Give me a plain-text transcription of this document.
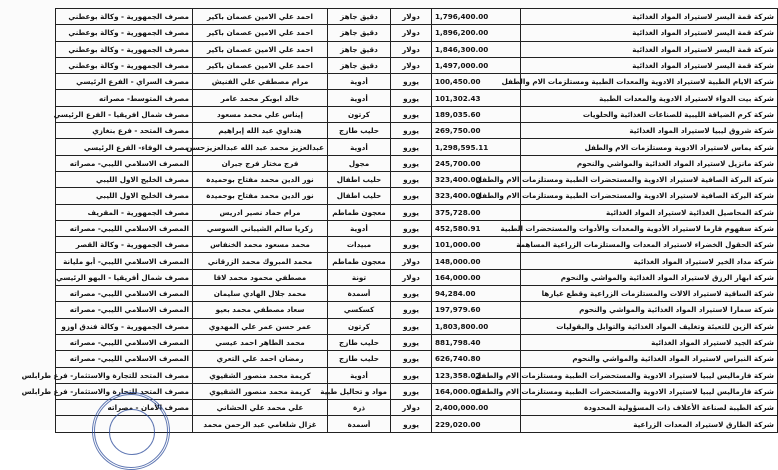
شركة قمة اليسر لاستيراد المواد الغذائية	1,796,400.00	دولار	دقيق جاهز	احمد علي الامين عصمان باكير	مصرف الجمهورية - وكالة بوعطني
شركة قمة اليسر لاستيراد المواد الغذائية	1,896,200.00	دولار	دقيق جاهز	احمد علي الامين عصمان باكير	مصرف الجمهورية - وكالة بوعطني
شركة قمة اليسر لاستيراد المواد الغذائية	1,846,300.00	دولار	دقيق جاهز	احمد علي الامين عصمان باكير	مصرف الجمهورية - وكالة بوعطني
شركة قمة اليسر لاستيراد المواد الغذائية	1,497,000.00	دولار	دقيق جاهز	احمد علي الامين عصمان باكير	مصرف الجمهورية - وكالة بوعطني
شركة الايام الطبية لاستيراد الادوية والمعدات الطبية ومستلزمات الام والطفل	100,450.00	يورو	أدوية	مرام مصطفي علي الفنيش	مصرف السراي - الفرع الرئيسي
شركة بيت الدواء لاستيراد الادوية والمعدات الطبية	101,302.43	يورو	أدوية	خالد ابوبكر محمد عامر	مصرف المتوسط- مصراته
شركة كرم الضيافة الليبية للصناعات الغذائية والحلويات	189,035.60	يورو	كرتون	إيناس علي محمد مسعود	مصرف شمال افريقيا - الفرع الرئيسي
شركة شروق ليبيا لاستيراد المواد الغذائية	269,750.00	يورو	حليب طازج	هنداوي عبد الله إبراهيم	مصرف المتحد - فرع بنغازي
شركة يماس لاستيراد الادوية ومستلزمات الام والطفل	1,298,595.11	يورو	أدوية	عبدالعزيز محمد عبد الله عبدالعزيزحسن	مصرف الوفاء- الفرع الرئيسي
شركة مانزيل لاستيراد المواد الغذائية والمواشي والنحوم	245,700.00	يورو	مجول	فرج مختار فرج جبران	المصرف الاسلامي الليبي- مصراته
شركة البركة الصافية لاستيراد الادوية والمستحضرات الطبية ومستلزمات الام والطفل	323,400.00	يورو	حليب اطفال	نور الدين محمد مفتاح بوحميدة	مصرف الخليج الاول الليبي
شركة البركة الصافية لاستيراد الادوية والمستحضرات الطبية ومستلزمات الام والطفل	323,400.00	يورو	حليب اطفال	نور الدين محمد مفتاح بوحميدة	مصرف الخليج الاول الليبي
شركة المحاصيل الغذائية لاستيراد المواد الغذائية	375,728.00	يورو	معجون طماطم	مرام حماد نصير ادريس	مصرف الجمهورية - المقريف
شركة سفهوم فارما لاستيراد الأدوية والمعدات والأدوات والمستحضرات الطبية	452,580.91	يورو	أدوية	زكريا سالم الشيباني السوسي	المصرف الاسلامي الليبي- مصراته
شركة الحقول الخضراء لاستيراد المعدات والمستلزمات الزراعية المساهمة	101,000.00	يورو	مبيدات	محمد مسعود محمد الخنفاس	مصرف الجمهورية - وكالة القصر
شركة مداد الخير لاستيراد المواد الغذائية	148,000.00	دولار	معجون طماطم	محمد المبروك محمد الزرقاني	المصرف الاسلامي الليبي- أبو مليانة
شركة ابهار الرزق لاستيراد المواد الغذائية والمواشي والنحوم	164,000.00	دولار	تونة	مصطفي محمود محمد لاقا	مصرف شمال أفريقيا - البهو الرئيسي
شركة الساقية لاستيراد الالات والمستلزمات الزراعية وقطع غيارها	94,284.00	يورو	أسمدة	محمد جلال الهادي سليمان	المصرف الاسلامي الليبي- مصراته
شركة سمارا لاستيراد المواد الغذائية والمواشي والنحوم	197,979.60	يورو	كسكسي	سعاد مصطفي محمد بعيو	المصرف الاسلامي الليبي- مصراته
شركة الزين للتعبئة وتغليف المواد الغذائية والتوابل والبقوليات	1,803,800.00	يورو	كرتون	عمر حسن عمر علي المهدوي	مصرف الجمهورية - وكالة فندق اوزو
شركة الجيد لاستيراد المواد الغذائية	881,798.40	يورو	حليب طازج	محمد الطاهر احمد عيسي	المصرف الاسلامي الليبي- مصراته
شركة النبراس لاستيراد المواد الغذائية والمواشي والنحوم	626,740.80	يورو	حليب طازج	رمضان احمد علي التعري	المصرف الاسلامي الليبي- مصراته
شركة فارماليس ليبيا لاستيراد الادوية والمستحضرات الطبية ومستلزمات الام والطفل	123,358.02	يورو	أدوية	كريمة محمد منصور الشقيوي	مصرف المتحد للتجارة والاستثمار- فرع طرابلس
شركة فارماليس ليبيا لاستيراد الادوية والمستحضرات الطبية ومستلزمات الام والطفل	164,000.00	يورو	مواد و تحاليل طبية	كريمة محمد منصور الشقيوي	مصرف المتحد للتجارة والاستثمار- فرع طرابلس
شركة الطيبة لصناعة الأعلاف ذات المسؤولية المحدودة	2,400,000.00	دولار	ذرة	علي محمد علي الحشاني	مصرف الأمان - مصراته
شركة الطارق لاستيراد المعدات الزراعية	229,020.00	يورو	أسمدة	غزال شلغامي عبد الرحمن محمد	
